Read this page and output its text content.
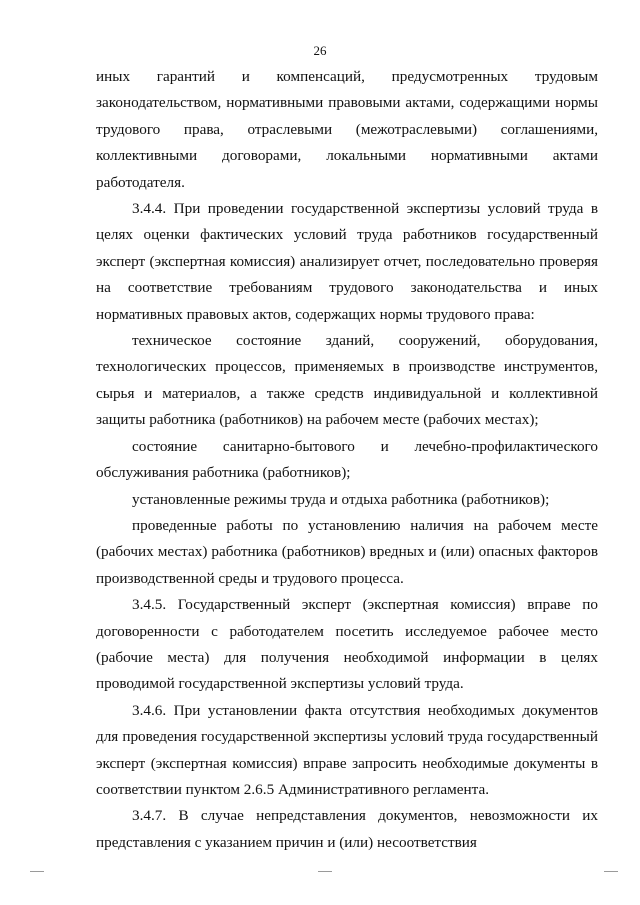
26

иных гарантий и компенсаций, предусмотренных трудовым законодательством, нормативными правовыми актами, содержащими нормы трудового права, отраслевыми (межотраслевыми) соглашениями, коллективными договорами, локальными нормативными актами работодателя.

3.4.4. При проведении государственной экспертизы условий труда в целях оценки фактических условий труда работников государственный эксперт (экспертная комиссия) анализирует отчет, последовательно проверяя на соответствие требованиям трудового законодательства и иных нормативных правовых актов, содержащих нормы трудового права:

техническое состояние зданий, сооружений, оборудования, технологических процессов, применяемых в производстве инструментов, сырья и материалов, а также средств индивидуальной и коллективной защиты работника (работников) на рабочем месте (рабочих местах);

состояние санитарно-бытового и лечебно-профилактического обслуживания работника (работников);

установленные режимы труда и отдыха работника (работников);

проведенные работы по установлению наличия на рабочем месте (рабочих местах) работника (работников) вредных и (или) опасных факторов производственной среды и трудового процесса.

3.4.5. Государственный эксперт (экспертная комиссия) вправе по договоренности с работодателем посетить исследуемое рабочее место (рабочие места) для получения необходимой информации в целях проводимой государственной экспертизы условий труда.

3.4.6. При установлении факта отсутствия необходимых документов для проведения государственной экспертизы условий труда государственный эксперт (экспертная комиссия) вправе запросить необходимые документы в соответствии пунктом 2.6.5 Административного регламента.

3.4.7. В случае непредставления документов, невозможности их представления с указанием причин и (или) несоответствия
